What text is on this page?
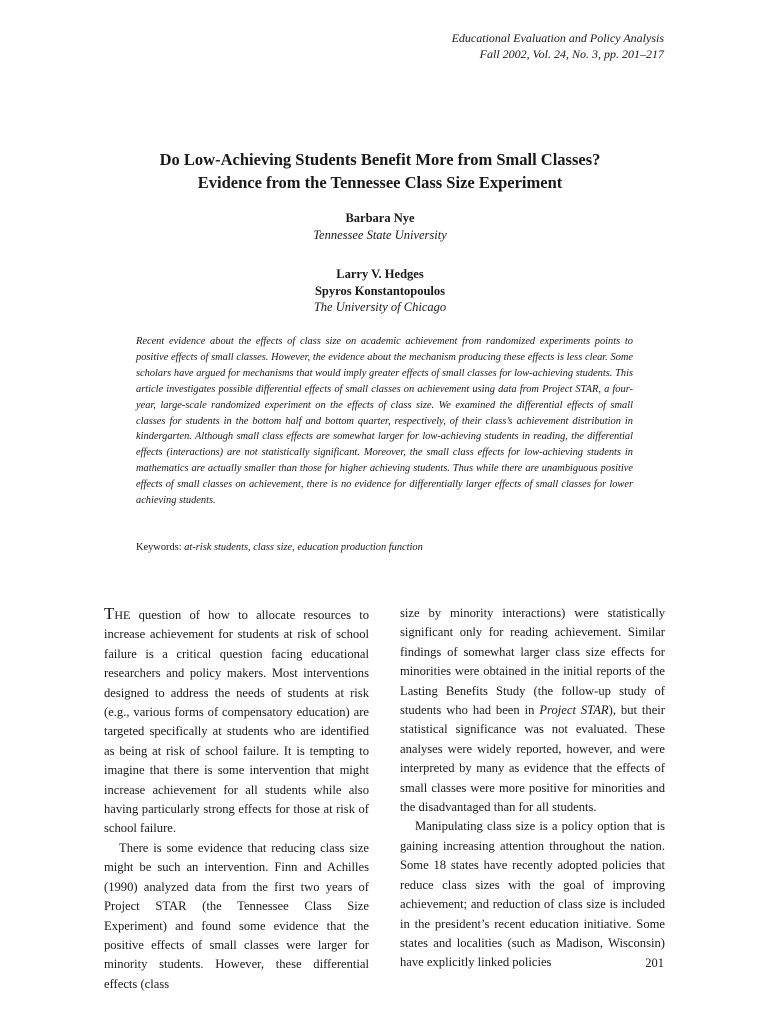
Educational Evaluation and Policy Analysis
Fall 2002, Vol. 24, No. 3, pp. 201–217
Do Low-Achieving Students Benefit More from Small Classes?
Evidence from the Tennessee Class Size Experiment
Barbara Nye
Tennessee State University
Larry V. Hedges
Spyros Konstantopoulos
The University of Chicago

Recent evidence about the effects of class size on academic achievement from randomized experiments points to positive effects of small classes. However, the evidence about the mechanism producing these effects is less clear. Some scholars have argued for mechanisms that would imply greater effects of small classes for low-achieving students. This article investigates possible differential effects of small classes on achievement using data from Project STAR, a four-year, large-scale randomized experiment on the effects of class size. We examined the differential effects of small classes for students in the bottom half and bottom quarter, respectively, of their class’s achievement distribution in kindergarten. Although small class effects are somewhat larger for low-achieving students in reading, the differential effects (interactions) are not statistically significant. Moreover, the small class effects for low-achieving students in mathematics are actually smaller than those for higher achieving students. Thus while there are unambiguous positive effects of small classes on achievement, there is no evidence for differentially larger effects of small classes for lower achieving students.

Keywords: at-risk students, class size, education production function

THE question of how to allocate resources to increase achievement for students at risk of school failure is a critical question facing educational researchers and policy makers. Most interventions designed to address the needs of students at risk (e.g., various forms of compensatory education) are targeted specifically at students who are identified as being at risk of school failure. It is tempting to imagine that there is some intervention that might increase achievement for all students while also having particularly strong effects for those at risk of school failure.

There is some evidence that reducing class size might be such an intervention. Finn and Achilles (1990) analyzed data from the first two years of Project STAR (the Tennessee Class Size Experiment) and found some evidence that the positive effects of small classes were larger for minority students. However, these differential effects (class

size by minority interactions) were statistically significant only for reading achievement. Similar findings of somewhat larger class size effects for minorities were obtained in the initial reports of the Lasting Benefits Study (the follow-up study of students who had been in Project STAR), but their statistical significance was not evaluated. These analyses were widely reported, however, and were interpreted by many as evidence that the effects of small classes were more positive for minorities and the disadvantaged than for all students.

Manipulating class size is a policy option that is gaining increasing attention throughout the nation. Some 18 states have recently adopted policies that reduce class sizes with the goal of improving achievement; and reduction of class size is included in the president’s recent education initiative. Some states and localities (such as Madison, Wisconsin) have explicitly linked policies	201
